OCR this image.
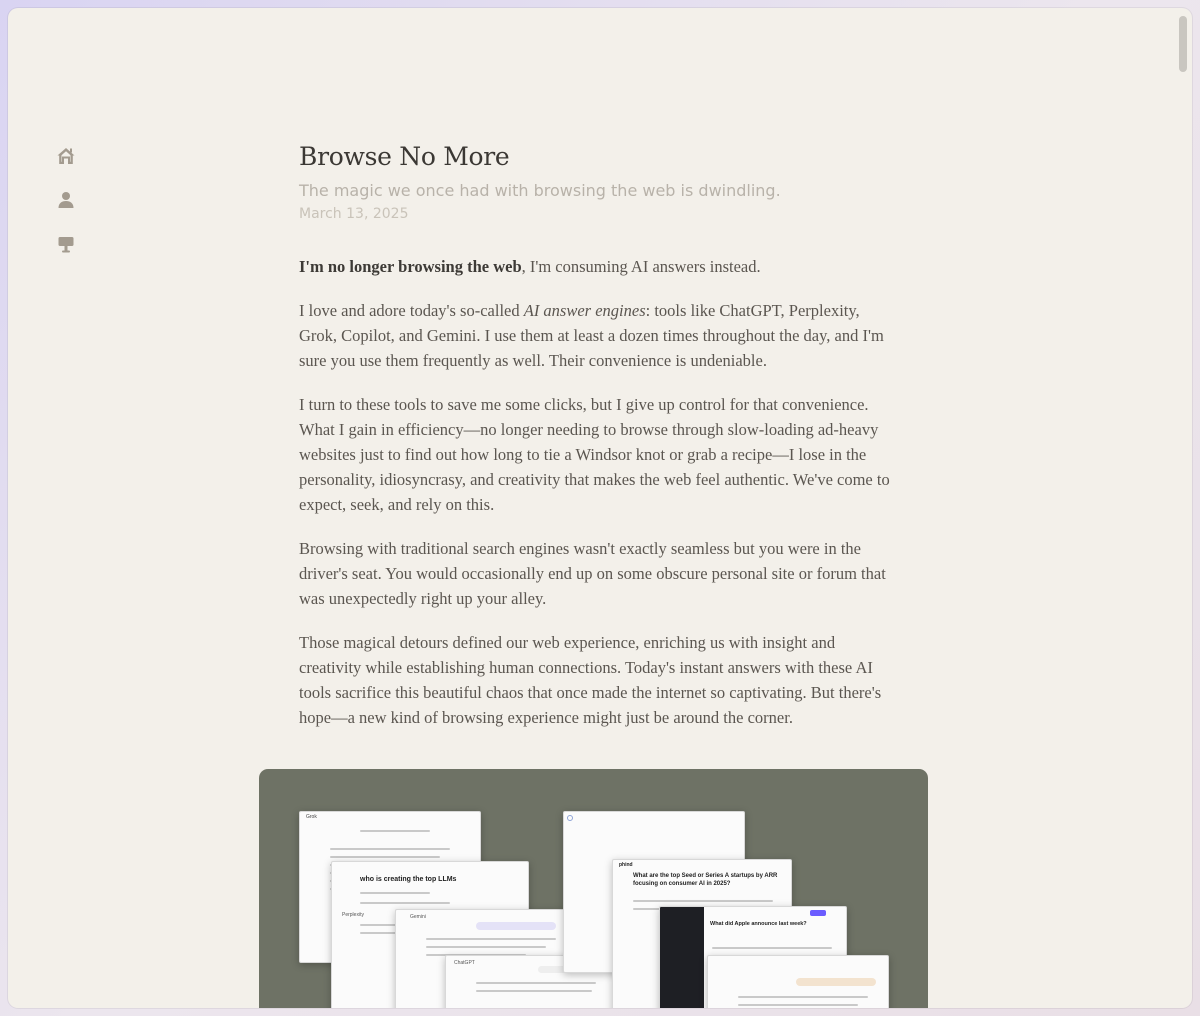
Browse No More
The magic we once had with browsing the web is dwindling.
March 13, 2025

I'm no longer browsing the web, I'm consuming AI answers instead.

I love and adore today's so-called AI answer engines: tools like ChatGPT, Perplexity, Grok, Copilot, and Gemini. I use them at least a dozen times throughout the day, and I'm sure you use them frequently as well. Their convenience is undeniable.

I turn to these tools to save me some clicks, but I give up control for that convenience. What I gain in efficiency—no longer needing to browse through slow-loading ad-heavy websites just to find out how long to tie a Windsor knot or grab a recipe—I lose in the personality, idiosyncrasy, and creativity that makes the web feel authentic. We've come to expect, seek, and rely on this.

Browsing with traditional search engines wasn't exactly seamless but you were in the driver's seat. You would occasionally end up on some obscure personal site or forum that was unexpectedly right up your alley.

Those magical detours defined our web experience, enriching us with insight and creativity while establishing human connections. Today's instant answers with these AI tools sacrifice this beautiful chaos that once made the internet so captivating. But there's hope—a new kind of browsing experience might just be around the corner.

Grok
who is creating the top LLMs
Perplexity	Gemini
ChatGPT
phind
What are the top Seed or Series A startups by ARR focusing on consumer AI in 2025?
What did Apple announce last week?
